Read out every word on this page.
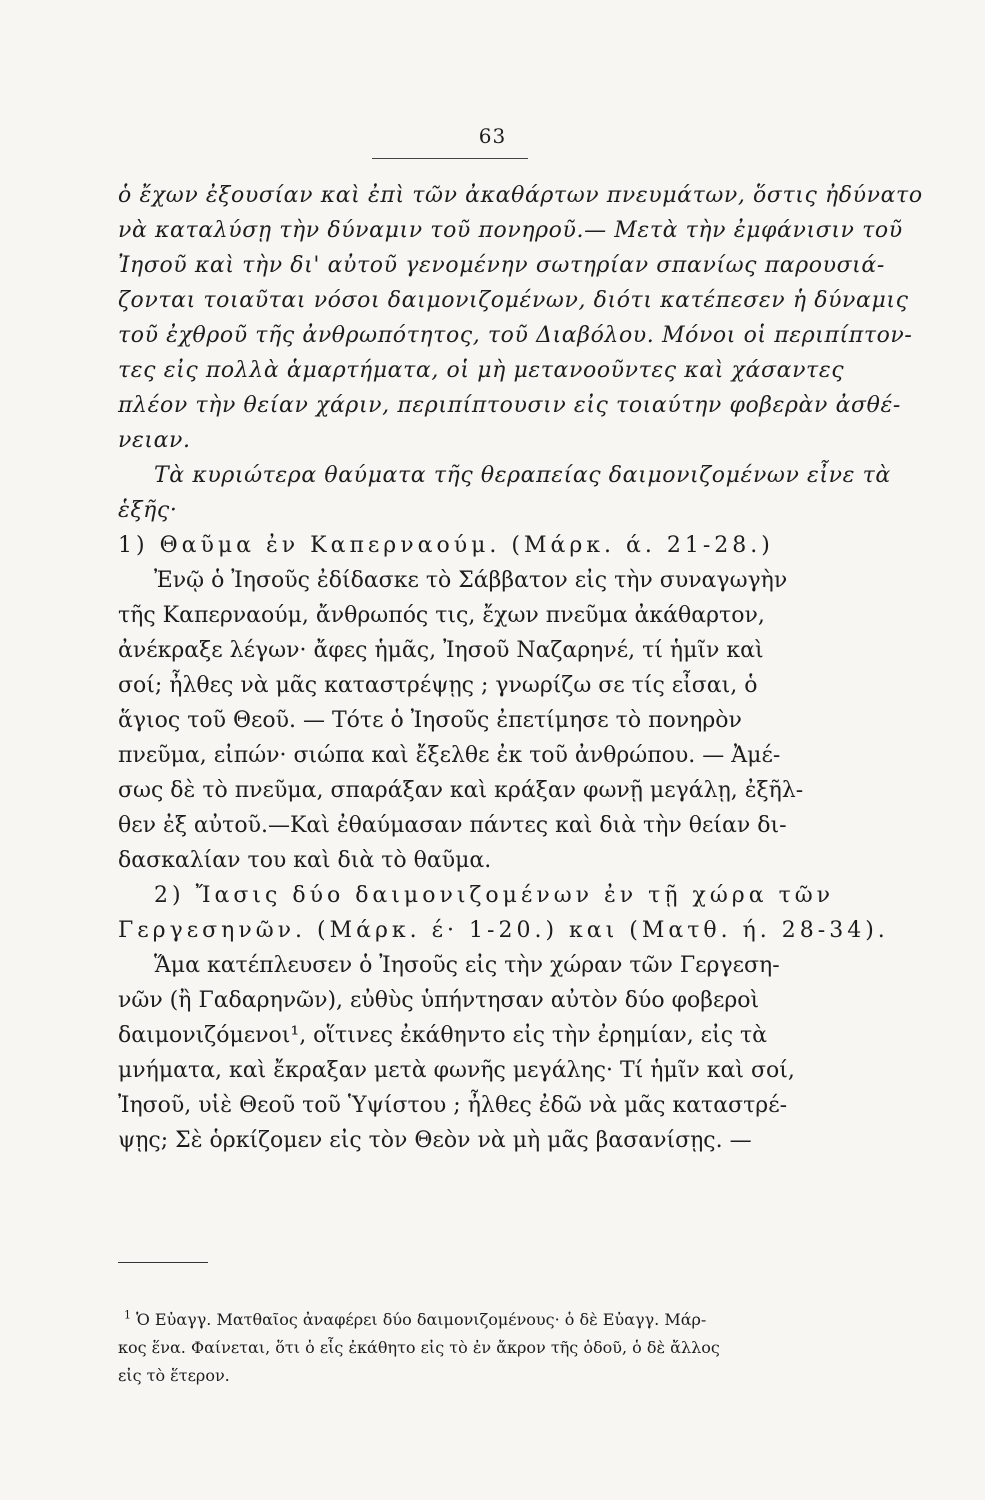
63
ὁ ἔχων ἐξουσίαν καὶ ἐπὶ τῶν ἀκαθάρτων πνευμάτων, ὅστις ἠδύνατο
νὰ καταλύσῃ τὴν δύναμιν τοῦ πονηροῦ.— Μετὰ τὴν ἐμφάνισιν τοῦ
Ἰησοῦ καὶ τὴν δι' αὐτοῦ γενομένην σωτηρίαν σπανίως παρουσιά-
ζονται τοιαῦται νόσοι δαιμονιζομένων, διότι κατέπεσεν ἡ δύναμις
τοῦ ἐχθροῦ τῆς ἀνθρωπότητος, τοῦ Διαβόλου. Μόνοι οἱ περιπίπτον-
τες εἰς πολλὰ ἁμαρτήματα, οἱ μὴ μετανοοῦντες καὶ χάσαντες
πλέον τὴν θείαν χάριν, περιπίπτουσιν εἰς τοιαύτην φοβερὰν ἀσθέ-
νειαν.
Τὰ κυριώτερα θαύματα τῆς θεραπείας δαιμονιζομένων εἶνε τὰ
ἑξῆς·
1) Θαῦμα ἐν Καπερναούμ. (Μάρκ. ά. 21-28.)
Ἐνῷ ὁ Ἰησοῦς ἐδίδασκε τὸ Σάββατον εἰς τὴν συναγωγὴν
τῆς Καπερναούμ, ἄνθρωπός τις, ἔχων πνεῦμα ἀκάθαρτον,
ἀνέκραξε λέγων· ἄφες ἡμᾶς, Ἰησοῦ Ναζαρηνέ, τί ἡμῖν καὶ
σοί; ἦλθες νὰ μᾶς καταστρέψῃς ; γνωρίζω σε τίς εἶσαι, ὁ
ἅγιος τοῦ Θεοῦ. — Τότε ὁ Ἰησοῦς ἐπετίμησε τὸ πονηρὸν
πνεῦμα, εἰπών· σιώπα καὶ ἔξελθε ἐκ τοῦ ἀνθρώπου. — Ἀμέ-
σως δὲ τὸ πνεῦμα, σπαράξαν καὶ κράξαν φωνῇ μεγάλῃ, ἐξῆλ-
θεν ἐξ αὐτοῦ.—Καὶ ἐθαύμασαν πάντες καὶ διὰ τὴν θείαν δι-
δασκαλίαν του καὶ διὰ τὸ θαῦμα.
2) Ἴασις δύο δαιμονιζομένων ἐν τῇ χώρα τῶν
Γεργεσηνῶν. (Μάρκ. έ· 1-20.) και (Ματθ. ή. 28-34).
Ἅμα κατέπλευσεν ὁ Ἰησοῦς εἰς τὴν χώραν τῶν Γεργεση-
νῶν (ἢ Γαδαρηνῶν), εὐθὺς ὑπήντησαν αὐτὸν δύο φοβεροὶ
δαιμονιζόμενοι¹, οἵτινες ἐκάθηντο εἰς τὴν ἐρημίαν, εἰς τὰ
μνήματα, καὶ ἔκραξαν μετὰ φωνῆς μεγάλης· Τί ἡμῖν καὶ σοί,
Ἰησοῦ, υἱὲ Θεοῦ τοῦ Ὑψίστου ; ἦλθες ἐδῶ νὰ μᾶς καταστρέ-
ψῃς; Σὲ ὁρκίζομεν εἰς τὸν Θεὸν νὰ μὴ μᾶς βασανίσῃς. —
$^1$ Ὁ Εὐαγγ. Ματθαῖος ἀναφέρει δύο δαιμονιζομένους· ὁ δὲ Εὐαγγ. Μάρ-
κος ἕνα. Φαίνεται, ὅτι ὁ εἷς ἐκάθητο εἰς τὸ ἐν ἄκρον τῆς ὁδοῦ, ὁ δὲ ἄλλος
εἰς τὸ ἕτερον.
